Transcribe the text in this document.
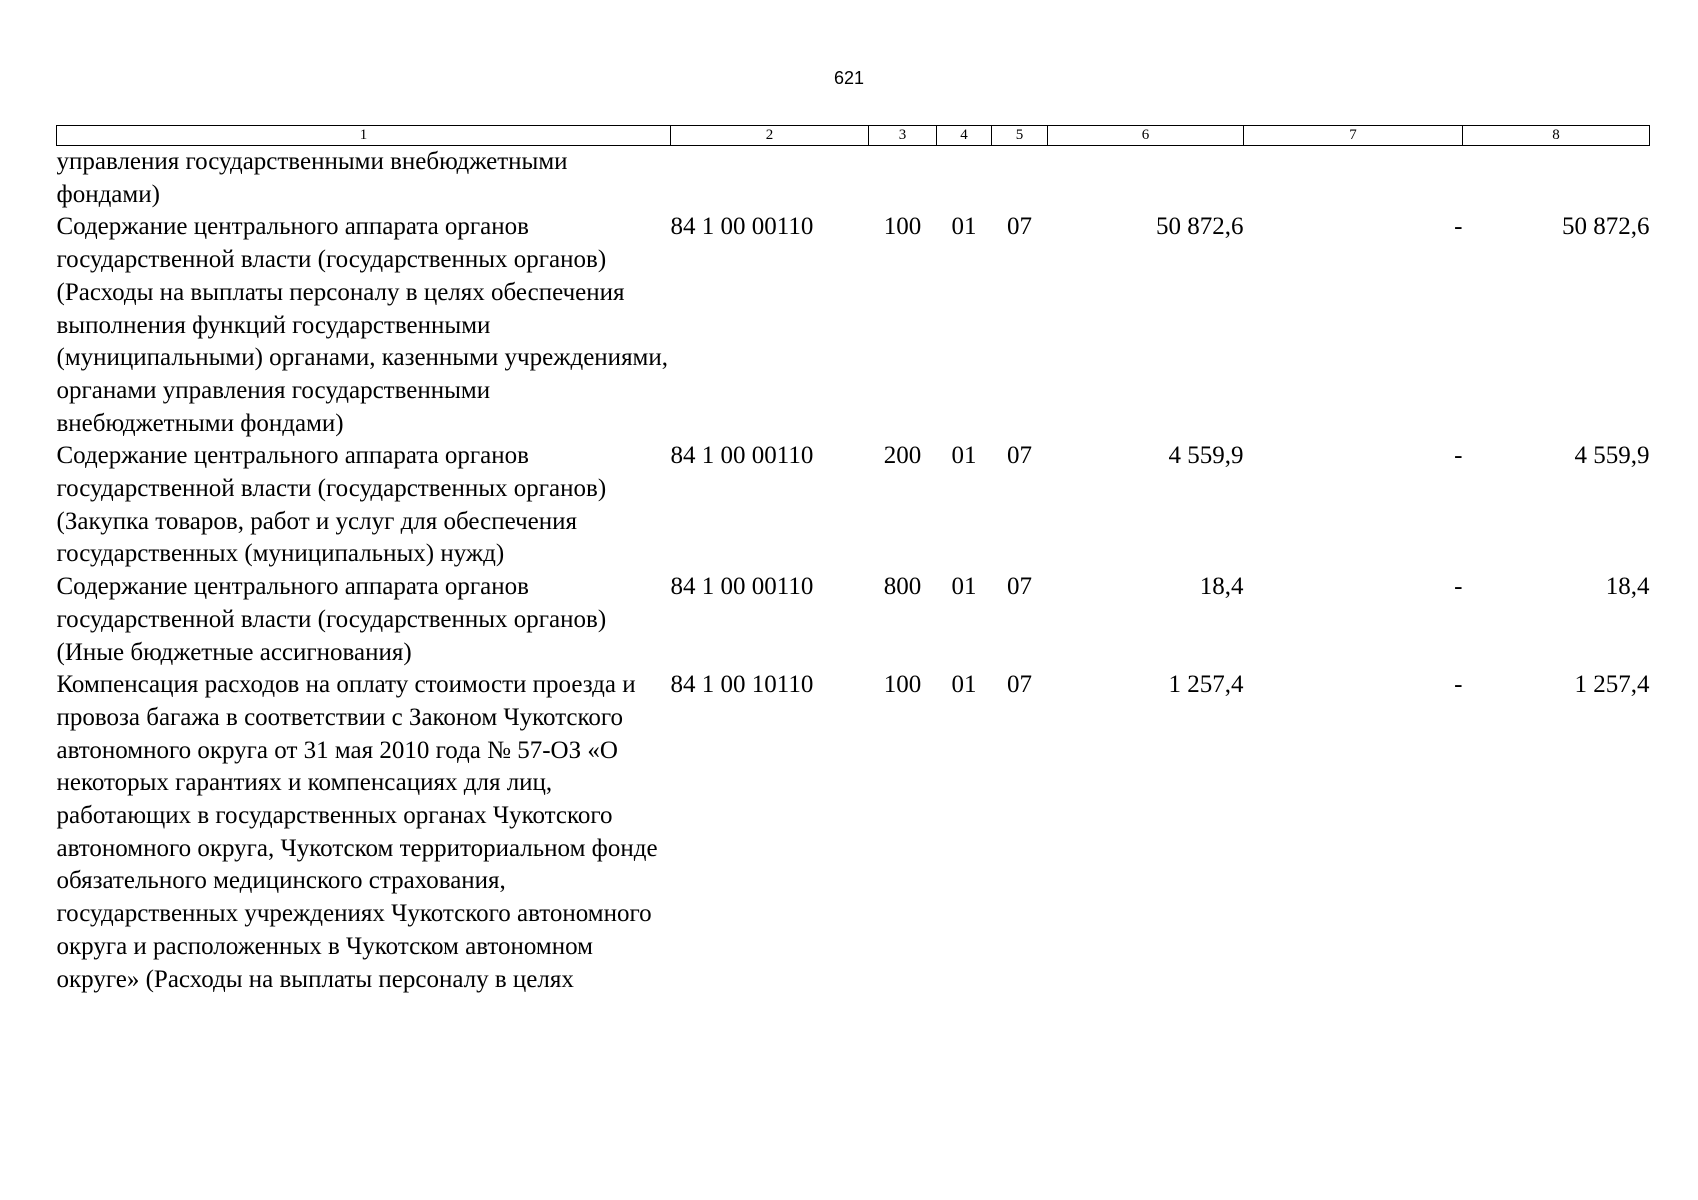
621
1	2	3	4	5	6	7	8
управления государственными внебюджетными фондами)							
Содержание центрального аппарата органов государственной власти (государственных органов) (Расходы на выплаты персоналу в целях обеспечения выполнения функций государственными (муниципальными) органами, казенными учреждениями, органами управления государственными внебюджетными фондами)	84 1 00 00110	100	01	07	50 872,6	-	50 872,6
Содержание центрального аппарата органов государственной власти (государственных органов) (Закупка товаров, работ и услуг для обеспечения государственных (муниципальных) нужд)	84 1 00 00110	200	01	07	4 559,9	-	4 559,9
Содержание центрального аппарата органов государственной власти (государственных органов) (Иные бюджетные ассигнования)	84 1 00 00110	800	01	07	18,4	-	18,4
Компенсация расходов на оплату стоимости проезда и провоза багажа в соответствии с Законом Чукотского автономного округа от 31 мая 2010 года № 57-ОЗ «О некоторых гарантиях и компенсациях для лиц, работающих в государственных органах Чукотского автономного округа, Чукотском территориальном фонде обязательного медицинского страхования, государственных учреждениях Чукотского автономного округа и расположенных в Чукотском автономном округе» (Расходы на выплаты персоналу в целях	84 1 00 10110	100	01	07	1 257,4	-	1 257,4
